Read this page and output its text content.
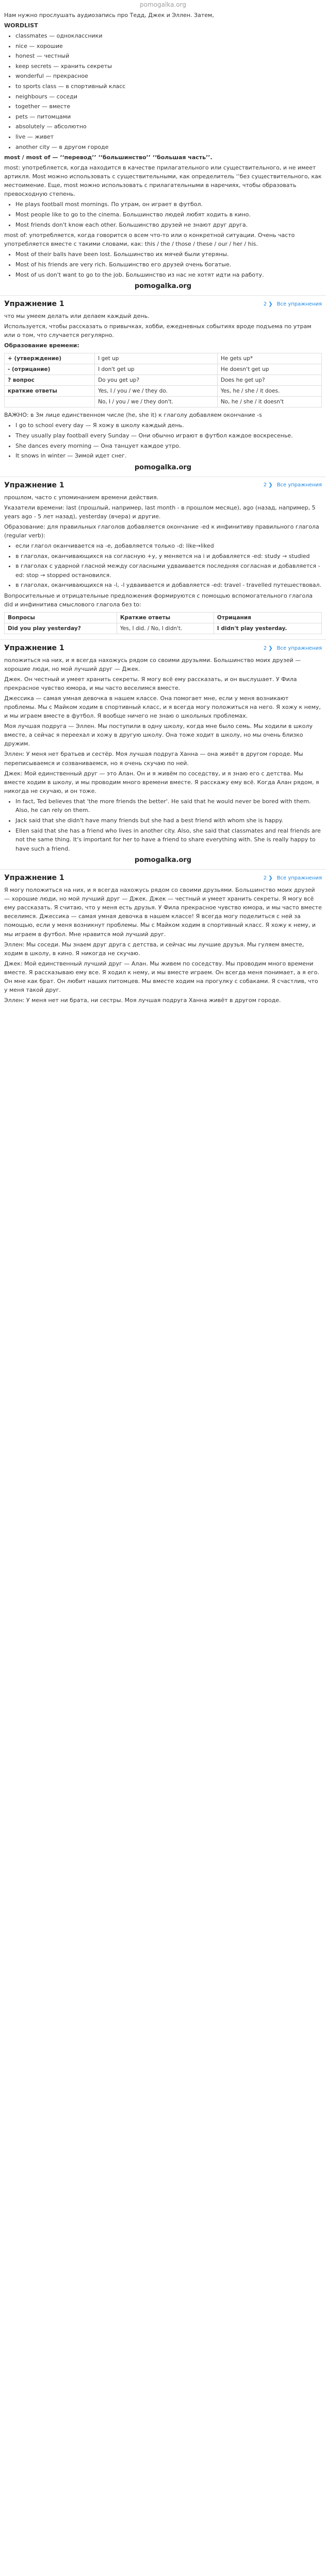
pomogalka.org

Нам нужно прослушать аудиозапись про Тедд, Джек и Эллен. Затем,

WORDLIST

• classmates — одноклассники
• nice — хорошие
• honest — честный
• keep secrets — хранить секреты
• wonderful — прекрасное
• to sports class — в спортивный класс
• neighbours — соседи
• together — вместе
• pets — питомцами
• absolutely — абсолютно
• live — живет
• another city — в другом городе

most / most of — ‘‘перевод’’ ‘‘большинство’’ ‘‘большая часть’’.

most: употребляется, когда находится в качестве прилагательного или существительного, и не имеет артикля. Most можно использовать с существительными, как определитель ‘‘без существительного, как местоимение. Еще, most можно использовать с прилагательными в наречиях, чтобы образовать превосходную степень.

• He plays football most mornings. По утрам, он играет в футбол.
• Most people like to go to the cinema. Большинство людей любят ходить в кино.
• Most friends don't know each other. Большинство друзей не знают друг друга.

most of: употребляется, когда говорится о всем что-то или о конкретной ситуации. Очень часто употребляется вместе с такими словами, как: this / the / those / these / our / her / his.

• Most of their balls have been lost. Большинство их мячей были утеряны.
• Most of his friends are very rich. Большинство его друзей очень богатые.
• Most of us don't want to go to the job. Большинство из нас не хотят идти на работу.
pomogalka.org
Упражнение 1	2 ❯ Все упражнения

что мы умеем делать или делаем каждый день.

Используется, чтобы рассказать о привычках, хобби, ежедневных событиях вроде подъема по утрам или о том, что случается регулярно.

Образование времени:

+ (утверждение)	I get up	He gets up*
- (отрицание)	I don't get up	He doesn't get up
? вопрос	Do you get up?	Does he get up?
краткие ответы	Yes, I / you / we / they do.	Yes, he / she / it does.
	No, I / you / we / they don't.	No, he / she / it doesn't

ВАЖНО: в 3м лице единственном числе (he, she it) к глаголу добавляем окончание -s

• I go to school every day — Я хожу в школу каждый день.
• They usually play football every Sunday — Они обычно играют в футбол каждое воскресенье.
• She dances every morning — Она танцует каждое утро.
• It snows in winter — Зимой идет снег.
pomogalka.org
Упражнение 1	2 ❯ Все упражнения

прошлом, часто с упоминанием времени действия.

Указатели времени: last (прошлый, например, last month - в прошлом месяце), ago (назад, например, 5 years ago - 5 лет назад), yesterday (вчера) и другие.

Образование: для правильных глаголов добавляется окончание -ed к инфинитиву правильного глагола (regular verb):

• если глагол оканчивается на -e, добавляется только -d: like→liked
• в глаголах, оканчивающихся на согласную +y, y меняется на i и добавляется -ed: study → studied
• в глаголах с ударной гласной между согласными удваивается последняя согласная и добавляется -ed: stop → stopped остановился.
• в глаголах, оканчивающихся на -l, -l удваивается и добавляется -ed: travel - travelled путешествовал.

Вопросительные и отрицательные предложения формируются с помощью вспомогательного глагола did и инфинитива смыслового глагола без to:

Вопросы	Краткие ответы	Отрицания
Did you play yesterday?	Yes, I did. / No, I didn't.	I didn't play yesterday.
Упражнение 1	2 ❯ Все упражнения

положиться на них, и я всегда нахожусь рядом со своими друзьями. Большинство моих друзей — хорошие люди, но мой лучший друг — Джек.

Джек. Он честный и умеет хранить секреты. Я могу всё ему рассказать, и он выслушает. У Фила прекрасное чувство юмора, и мы часто веселимся вместе.

Джессика — самая умная девочка в нашем классе. Она помогает мне, если у меня возникают проблемы. Мы с Майком ходим в спортивный класс, и я всегда могу положиться на него. Я хожу к нему, и мы играем вместе в футбол. Я вообще ничего не знаю о школьных проблемах.

Моя лучшая подруга — Эллен. Мы поступили в одну школу, когда мне было семь. Мы ходили в школу вместе, а сейчас я переехал и хожу в другую школу. Она тоже ходит в школу, но мы очень близко дружим.

Эллен: У меня нет братьев и сестёр. Моя лучшая подруга Ханна — она живёт в другом городе. Мы переписываемся и созваниваемся, но я очень скучаю по ней.

Джек: Мой единственный друг — это Алан. Он и я живём по соседству, и я знаю его с детства. Мы вместе ходим в школу, и мы проводим много времени вместе. Я расскажу ему всё. Когда Алан рядом, я никогда не скучаю, и он тоже.

• In fact, Ted believes that 'the more friends the better'. He said that he would never be bored with them. Also, he can rely on them.
• Jack said that she didn't have many friends but she had a best friend with whom she is happy.
• Ellen said that she has a friend who lives in another city. Also, she said that classmates and real friends are not the same thing. It's important for her to have a friend to share everything with. She is really happy to have such a friend.
pomogalka.org
Упражнение 1	2 ❯ Все упражнения

Я могу положиться на них, и я всегда нахожусь рядом со своими друзьями. Большинство моих друзей — хорошие люди, но мой лучший друг — Джек. Джек — честный и умеет хранить секреты. Я могу всё ему рассказать. Я считаю, что у меня есть друзья. У Фила прекрасное чувство юмора, и мы часто вместе веселимся. Джессика — самая умная девочка в нашем классе! Я всегда могу поделиться с ней за помощью, если у меня возникнут проблемы. Мы с Майком ходим в спортивный класс. Я хожу к нему, и мы играем в футбол. Мне нравится мой лучший друг.

Эллен: Мы соседи. Мы знаем друг друга с детства, и сейчас мы лучшие друзья. Мы гуляем вместе, ходим в школу, в кино. Я никогда не скучаю.

Джек: Мой единственный лучший друг — Алан. Мы живем по соседству. Мы проводим много времени вместе. Я рассказываю ему все. Я ходил к нему, и мы вместе играем. Он всегда меня понимает, а я его. Он мне как брат. Он любит наших питомцев. Мы вместе ходим на прогулку с собаками. Я счастлив, что у меня такой друг.

Эллен: У меня нет ни брата, ни сестры. Моя лучшая подруга Ханна живёт в другом городе.
